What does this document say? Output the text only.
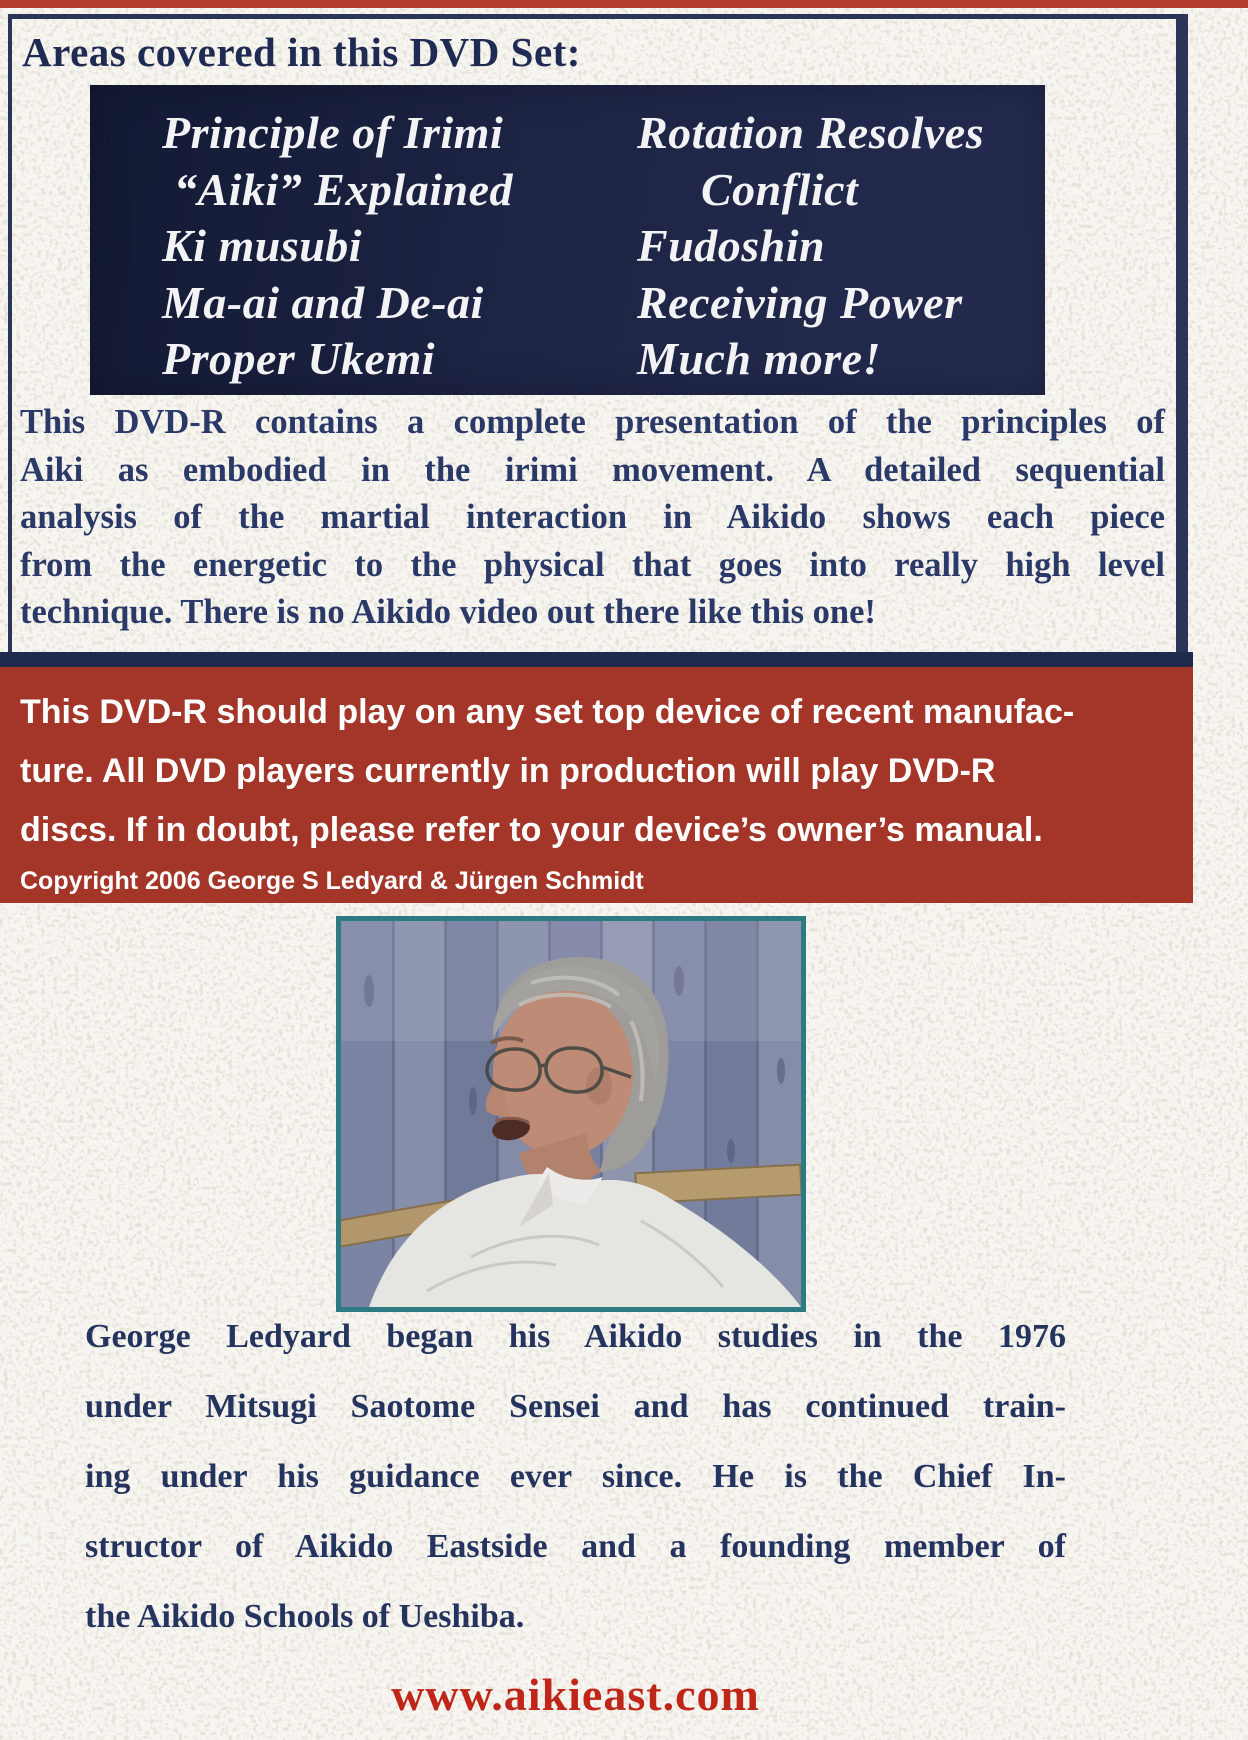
Areas covered in this DVD Set:
Principle of Irimi
“Aiki” Explained
Ki musubi
Ma-ai and De-ai
Proper Ukemi
Rotation Resolves
Conflict
Fudoshin
Receiving Power
Much more!
This DVD-R contains a complete presentation of the principles of
Aiki as embodied in the irimi movement. A detailed sequential
analysis of the martial interaction in Aikido shows each piece
from the energetic to the physical that goes into really high level
technique. There is no Aikido video out there like this one!
This DVD-R should play on any set top device of recent manufac-
ture. All DVD players currently in production will play DVD-R
discs. If in doubt, please refer to your device’s owner’s manual.
Copyright 2006 George S Ledyard & Jürgen Schmidt
George Ledyard began his Aikido studies in the 1976
under Mitsugi Saotome Sensei and has continued train-
ing under his guidance ever since. He is the Chief In-
structor of Aikido Eastside and a founding member of
the Aikido Schools of Ueshiba.
www.aikieast.com
